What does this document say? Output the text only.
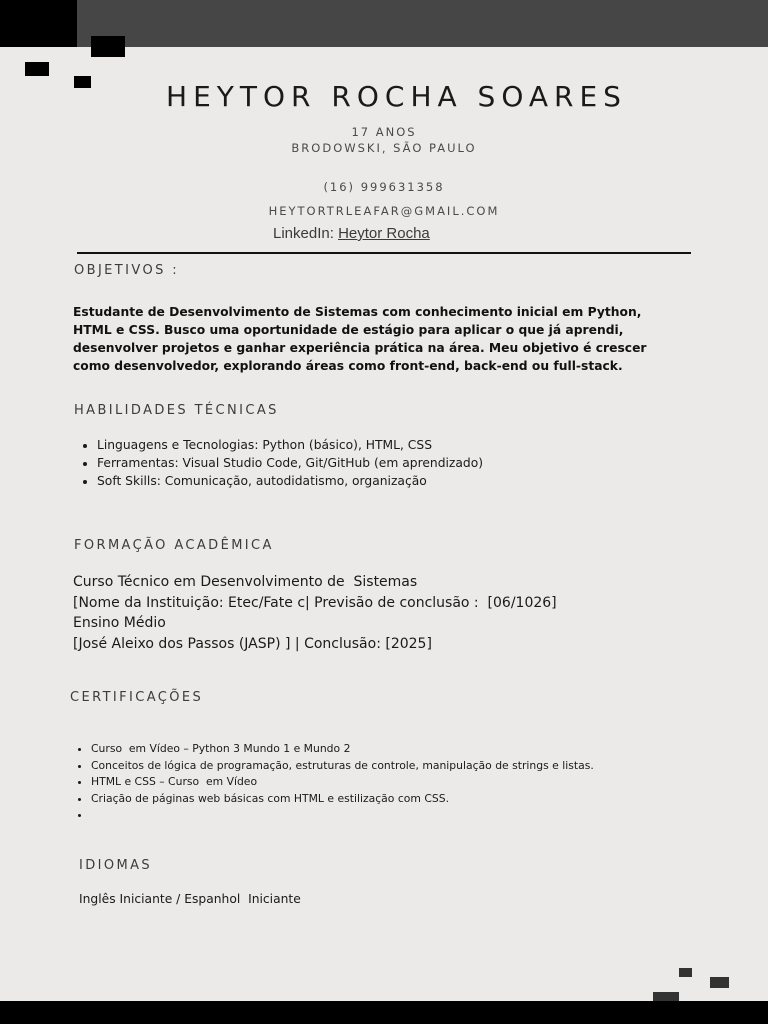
HEYTOR ROCHA SOARES
17 ANOS
BRODOWSKI, SÃO PAULO
(16) 999631358
HEYTORTRLEAFAR@GMAIL.COM
LinkedIn: Heytor Rocha
OBJETIVOS :
Estudante de Desenvolvimento de Sistemas com conhecimento inicial em Python, HTML e CSS. Busco uma oportunidade de estágio para aplicar o que já aprendi, desenvolver projetos e ganhar experiência prática na área. Meu objetivo é crescer como desenvolvedor, explorando áreas como front-end, back-end ou full-stack.
HABILIDADES TÉCNICAS
• Linguagens e Tecnologias: Python (básico), HTML, CSS
• Ferramentas: Visual Studio Code, Git/GitHub (em aprendizado)
• Soft Skills: Comunicação, autodidatismo, organização
FORMAÇÃO ACADÊMICA
Curso Técnico em Desenvolvimento de  Sistemas
[Nome da Instituição: Etec/Fate c| Previsão de conclusão :  [06/1026]
Ensino Médio
[José Aleixo dos Passos (JASP) ] | Conclusão: [2025]
CERTIFICAÇÕES
• Curso  em Vídeo – Python 3 Mundo 1 e Mundo 2
• Conceitos de lógica de programação, estruturas de controle, manipulação de strings e listas.
• HTML e CSS – Curso  em Vídeo
• Criação de páginas web básicas com HTML e estilização com CSS.
•
IDIOMAS
Inglês Iniciante / Espanhol  Iniciante
